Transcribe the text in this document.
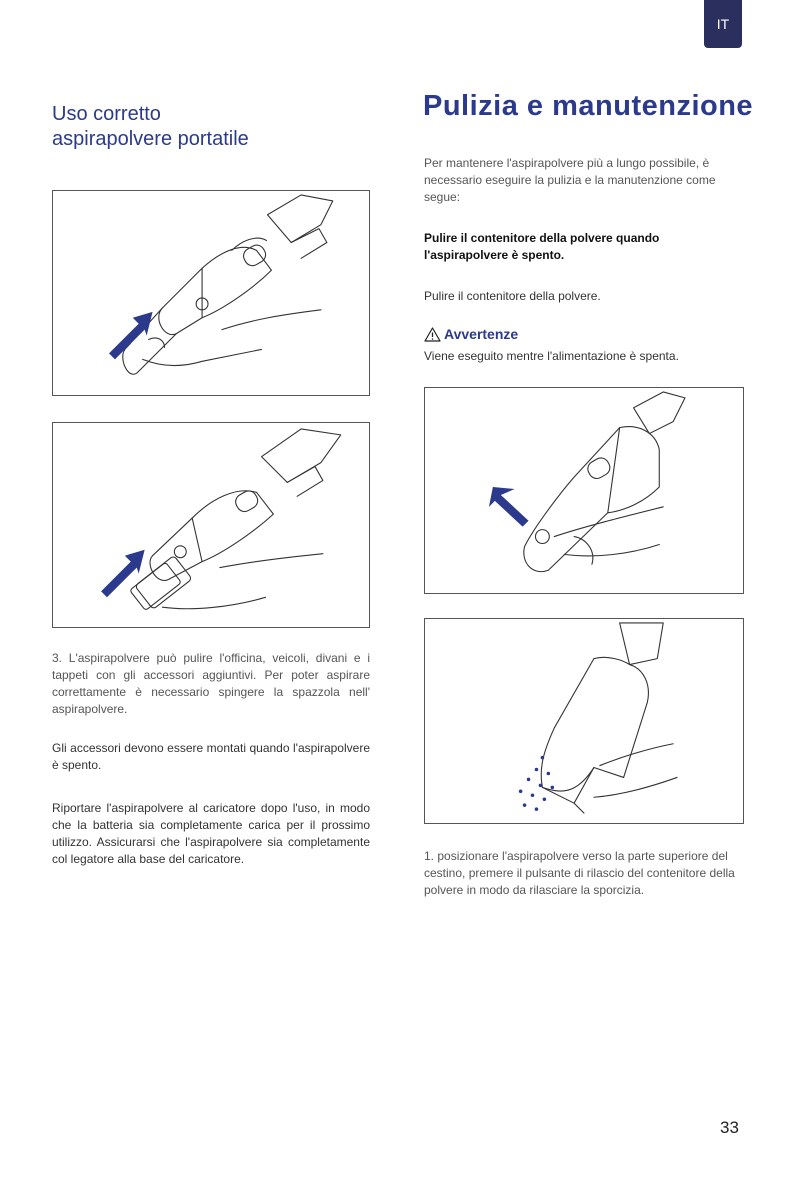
IT
Uso corretto
aspirapolvere portatile

3. L'aspirapolvere può pulire l'officina, veicoli, divani e i tappeti con gli accessori aggiuntivi. Per poter aspirare correttamente è necessario spingere la spazzola nell' aspirapolvere.

Gli accessori devono essere montati quando l'aspirapolvere è spento.

Riportare l'aspirapolvere al caricatore dopo l'uso, in modo che la batteria sia completamente carica per il prossimo utilizzo. Assicurarsi che l'aspirapolvere sia completamente col legatore alla base del caricatore.

Pulizia e manutenzione

Per mantenere l'aspirapolvere più a lungo possibile, è necessario eseguire la pulizia e la manutenzione come segue:

Pulire il contenitore della polvere quando l'aspirapolvere è spento.

Pulire il contenitore della polvere.

Avvertenze

Viene eseguito mentre l'alimentazione è spenta.

1. posizionare l'aspirapolvere verso la parte superiore del cestino, premere il pulsante di rilascio del contenitore della polvere in modo da rilasciare la sporcizia.

33
